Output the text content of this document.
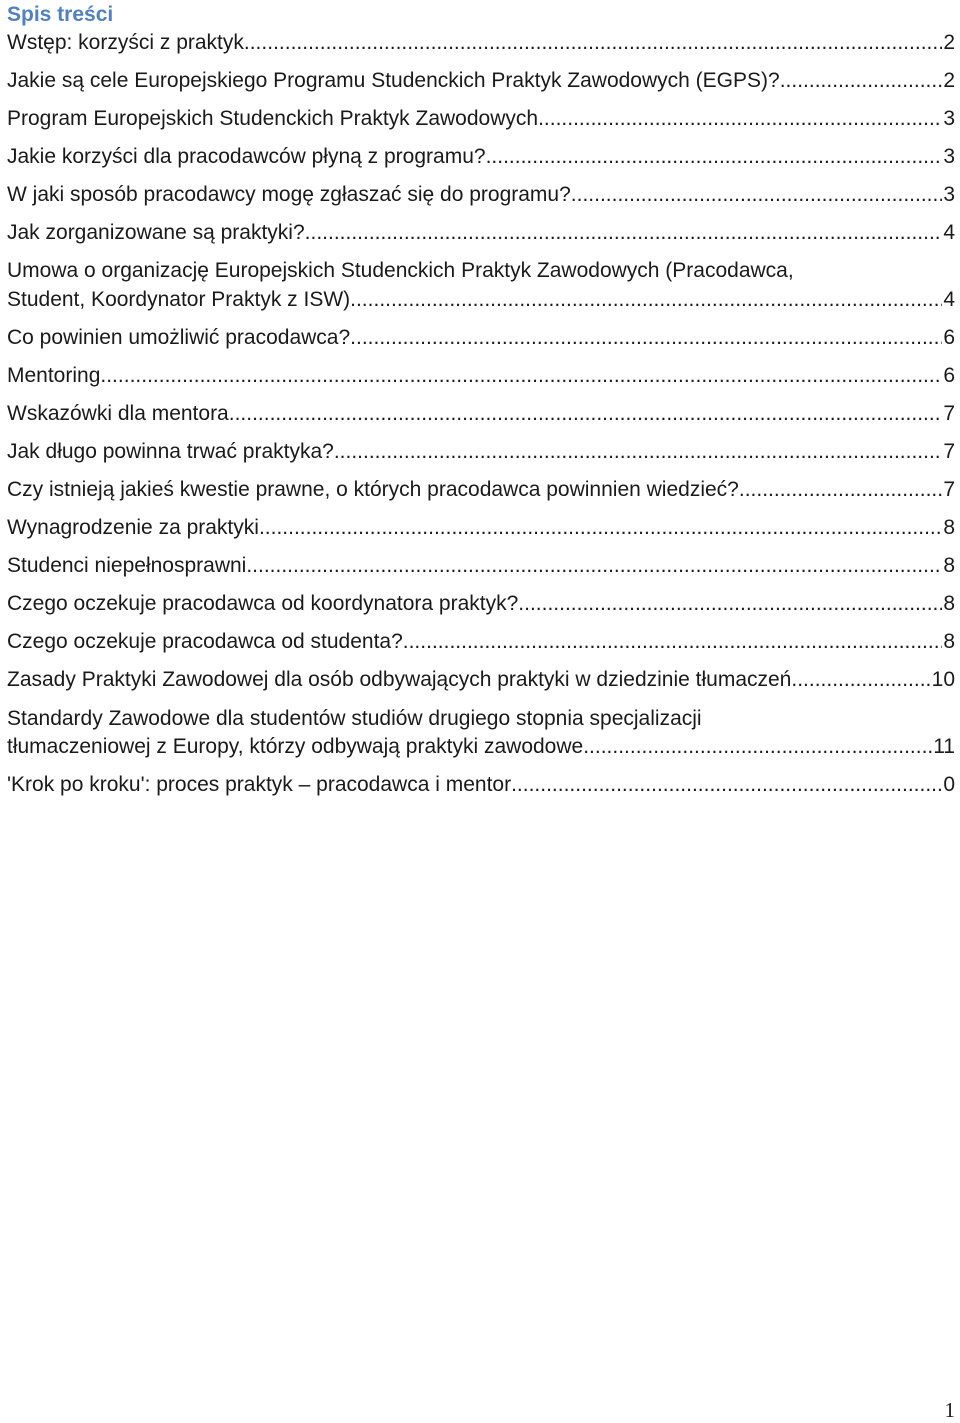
Spis treści
Wstęp: korzyści z praktyk .....	2
Jakie są cele Europejskiego Programu Studenckich Praktyk Zawodowych (EGPS)? .....	2
Program Europejskich Studenckich Praktyk Zawodowych .....	3
Jakie korzyści dla pracodawców płyną z programu? .....	3
W jaki sposób pracodawcy mogę zgłaszać się do programu? .....	3
Jak zorganizowane są praktyki? .....	4
Umowa o organizację Europejskich Studenckich Praktyk Zawodowych (Pracodawca,
Student, Koordynator Praktyk z ISW) .....	4
Co powinien umożliwić pracodawca? .....	6
Mentoring .....	6
Wskazówki dla mentora .....	7
Jak długo powinna trwać praktyka? .....	7
Czy istnieją jakieś kwestie prawne, o których pracodawca powinnien wiedzieć? .....	7
Wynagrodzenie za praktyki .....	8
Studenci niepełnosprawni .....	8
Czego oczekuje pracodawca od koordynatora praktyk? .....	8
Czego oczekuje pracodawca od studenta? .....	8
Zasady Praktyki Zawodowej dla osób odbywających praktyki w dziedzinie tłumaczeń. .....	10
Standardy Zawodowe dla studentów studiów drugiego stopnia specjalizacji
tłumaczeniowej z Europy, którzy odbywają praktyki zawodowe .....	11
'Krok po kroku': proces praktyk – pracodawca i mentor .....	0
1
